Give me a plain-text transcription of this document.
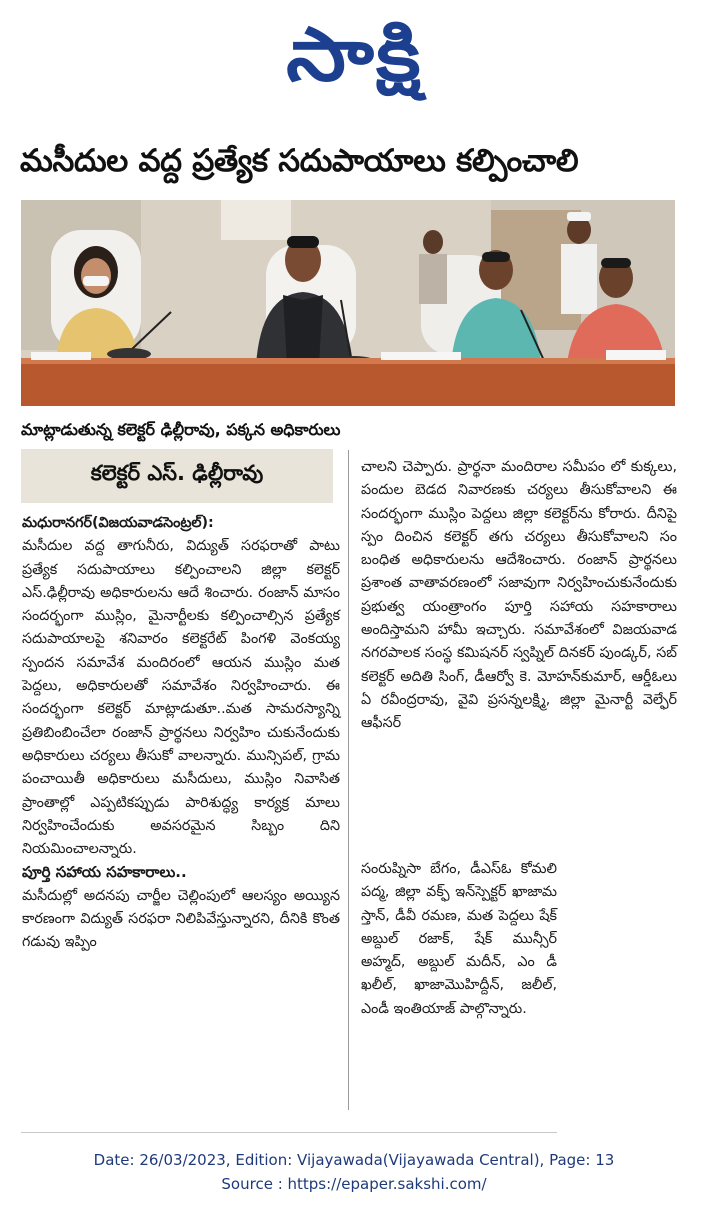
సాక్షి
మసీదుల వద్ద ప్రత్యేక సదుపాయాలు కల్పించాలి
మాట్లాడుతున్న కలెక్టర్ ఢిల్లీరావు, పక్కన అధికారులు
కలెక్టర్ ఎస్. ఢిల్లీరావు

మధురానగర్(విజయవాడసెంట్రల్):

మసీదుల వద్ద తాగునీరు, విద్యుత్ సరఫరాతో పాటు ప్రత్యేక సదుపాయాలు కల్పించాలని జిల్లా కలెక్టర్ ఎస్.ఢిల్లీరావు అధికారులను ఆదే శించారు. రంజాన్ మాసం సందర్భంగా ముస్లిం, మైనార్టీలకు కల్పించాల్సిన ప్రత్యేక సదుపాయాలపై శనివారం కలెక్టరేట్ పింగళి వెంకయ్య స్పందన సమావేశ మందిరంలో ఆయన ముస్లిం మత పెద్దలు, అధికారులతో సమావేశం నిర్వహించారు. ఈ సందర్భంగా కలెక్టర్ మాట్లాడుతూ..మత సామరస్యాన్ని ప్రతిబింబించేలా రంజాన్ ప్రార్థనలు నిర్వహిం చుకునేందుకు అధికారులు చర్యలు తీసుకో వాలన్నారు. మున్సిపల్, గ్రామ పంచాయితీ అధికారులు మసీదులు, ముస్లిం నివాసిత ప్రాంతాల్లో ఎప్పటికప్పుడు పారిశుద్ధ్య కార్యక్ర మాలు నిర్వహించేందుకు అవసరమైన సిబ్బం దిని నియమించాలన్నారు.

పూర్తి సహాయ సహకారాలు..

మసీదుల్లో అదనపు చార్జీల చెల్లింపులో ఆలస్యం అయ్యిన కారణంగా విద్యుత్ సరఫరా నిలిపివేస్తున్నారని, దీనికి కొంత గడువు ఇప్పిం

చాలని చెప్పారు. ప్రార్థనా మందిరాల సమీపం లో కుక్కలు, పందుల బెడద నివారణకు చర్యలు తీసుకోవాలని ఈ సందర్భంగా ముస్లిం పెద్దలు జిల్లా కలెక్టర్‌ను కోరారు. దీనిపై స్పం దించిన కలెక్టర్ తగు చర్యలు తీసుకోవాలని సం బంధిత అధికారులను ఆదేశించారు. రంజాన్ ప్రార్థనలు ప్రశాంత వాతావరణంలో సజావుగా నిర్వహించుకునేందుకు ప్రభుత్వ యంత్రాంగం పూర్తి సహాయ సహకారాలు అందిస్తామని హామీ ఇచ్చారు. సమావేశంలో విజయవాడ నగరపాలక సంస్థ కమిషనర్ స్వప్నిల్ దినకర్ పుండ్కర్, సబ్ కలెక్టర్ అదితి సింగ్, డీఆర్వో కె. మోహన్‌కుమార్, ఆర్డీఓలు ఏ రవీంద్రరావు, వైవి ప్రసన్నలక్ష్మి, జిల్లా మైనార్టీ వెల్ఫేర్ ఆఫీసర్

సంరుప్నిసా బేగం, డీఎస్ఓ కోమలి పద్మ, జిల్లా వక్ఫ్ ఇన్‌స్పెక్టర్ ఖాజామ స్తాన్, డీవీ రమణ, మత పెద్దలు షేక్ అబ్దుల్ రజాక్, షేక్ మున్సీర్ అహ్మద్, అబ్దుల్ మదీన్, ఎం డీ ఖలీల్, ఖాజామొహిద్దీన్, జలీల్, ఎండీ ఇంతియాజ్ పాల్గొన్నారు.

Date: 26/03/2023, Edition: Vijayawada(Vijayawada Central), Page: 13
Source : https://epaper.sakshi.com/
